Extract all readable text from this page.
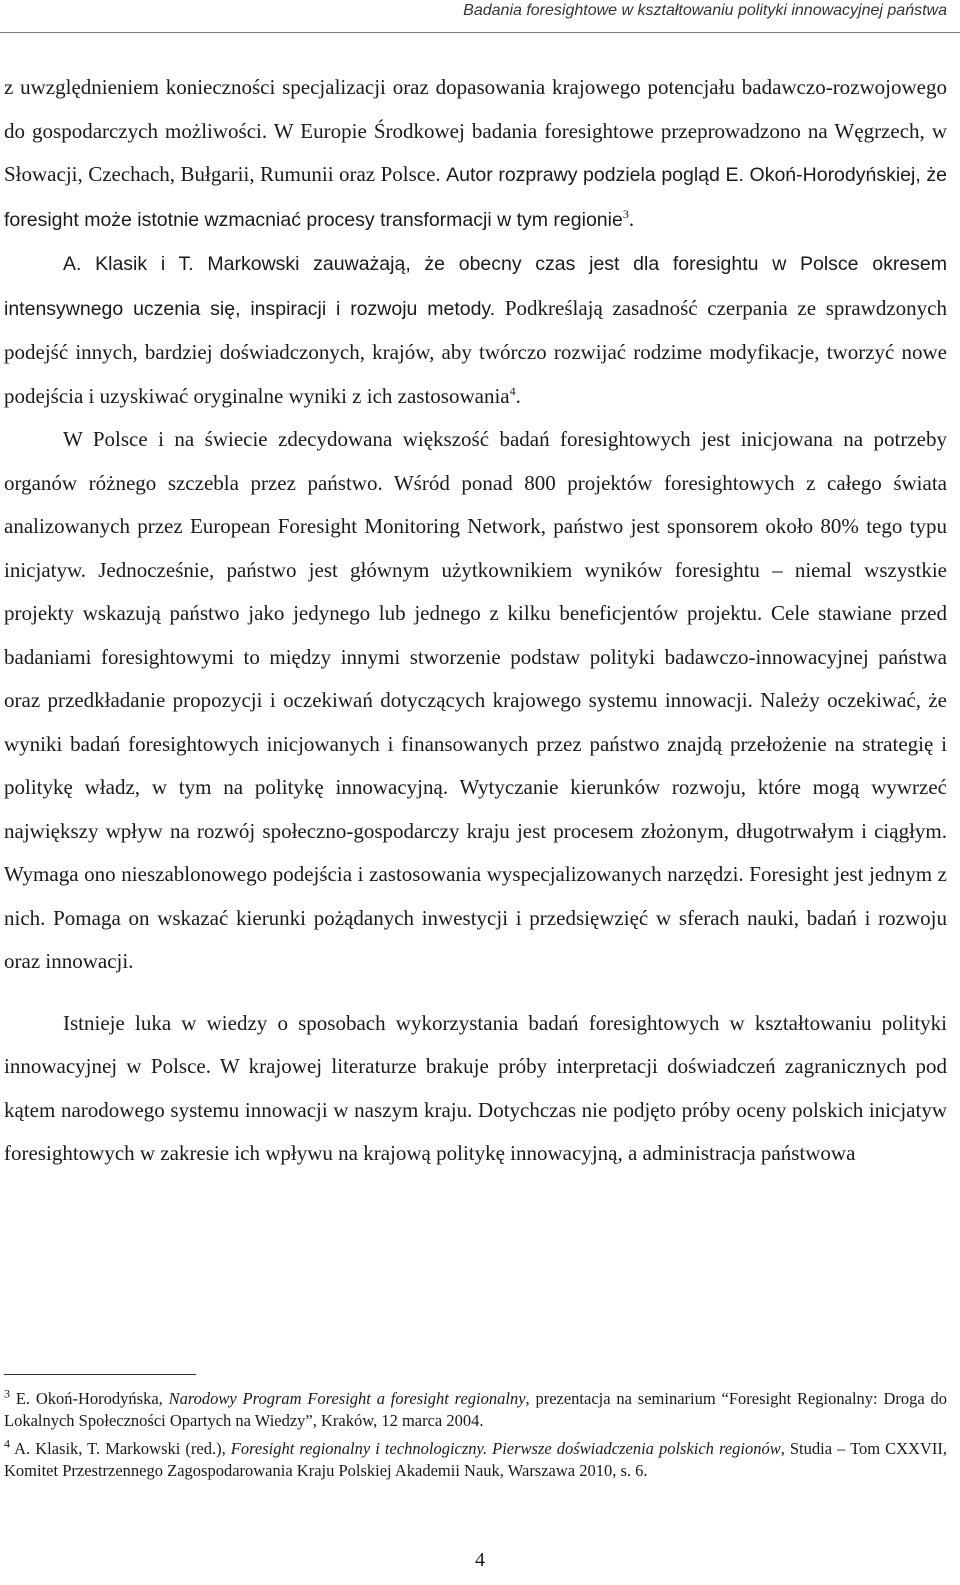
Badania foresightowe w kształtowaniu polityki innowacyjnej państwa

z uwzględnieniem konieczności specjalizacji oraz dopasowania krajowego potencjału badawczo-rozwojowego do gospodarczych możliwości. W Europie Środkowej badania foresightowe przeprowadzono na Węgrzech, w Słowacji, Czechach, Bułgarii, Rumunii oraz Polsce. Autor rozprawy podziela pogląd E. Okoń-Horodyńskiej, że foresight może istotnie wzmacniać procesy transformacji w tym regionie$^3$.

A. Klasik i T. Markowski zauważają, że obecny czas jest dla foresightu w Polsce okresem intensywnego uczenia się, inspiracji i rozwoju metody. Podkreślają zasadność czerpania ze sprawdzonych podejść innych, bardziej doświadczonych, krajów, aby twórczo rozwijać rodzime modyfikacje, tworzyć nowe podejścia i uzyskiwać oryginalne wyniki z ich zastosowania$^4$.

W Polsce i na świecie zdecydowana większość badań foresightowych jest inicjowana na potrzeby organów różnego szczebla przez państwo. Wśród ponad 800 projektów foresightowych z całego świata analizowanych przez European Foresight Monitoring Network, państwo jest sponsorem około 80% tego typu inicjatyw. Jednocześnie, państwo jest głównym użytkownikiem wyników foresightu – niemal wszystkie projekty wskazują państwo jako jedynego lub jednego z kilku beneficjentów projektu. Cele stawiane przed badaniami foresightowymi to między innymi stworzenie podstaw polityki badawczo-innowacyjnej państwa oraz przedkładanie propozycji i oczekiwań dotyczących krajowego systemu innowacji. Należy oczekiwać, że wyniki badań foresightowych inicjowanych i finansowanych przez państwo znajdą przełożenie na strategię i politykę władz, w tym na politykę innowacyjną. Wytyczanie kierunków rozwoju, które mogą wywrzeć największy wpływ na rozwój społeczno-gospodarczy kraju jest procesem złożonym, długotrwałym i ciągłym. Wymaga ono nieszablonowego podejścia i zastosowania wyspecjalizowanych narzędzi. Foresight jest jednym z nich. Pomaga on wskazać kierunki pożądanych inwestycji i przedsięwzięć w sferach nauki, badań i rozwoju oraz innowacji.

Istnieje luka w wiedzy o sposobach wykorzystania badań foresightowych w kształtowaniu polityki innowacyjnej w Polsce. W krajowej literaturze brakuje próby interpretacji doświadczeń zagranicznych pod kątem narodowego systemu innowacji w naszym kraju. Dotychczas nie podjęto próby oceny polskich inicjatyw foresightowych w zakresie ich wpływu na krajową politykę innowacyjną, a administracja państwowa

$^3$ E. Okoń-Horodyńska, Narodowy Program Foresight a foresight regionalny, prezentacja na seminarium “Foresight Regionalny: Droga do Lokalnych Społeczności Opartych na Wiedzy”, Kraków, 12 marca 2004.

$^4$ A. Klasik, T. Markowski (red.), Foresight regionalny i technologiczny. Pierwsze doświadczenia polskich regionów, Studia – Tom CXXVII, Komitet Przestrzennego Zagospodarowania Kraju Polskiej Akademii Nauk, Warszawa 2010, s. 6.

4
